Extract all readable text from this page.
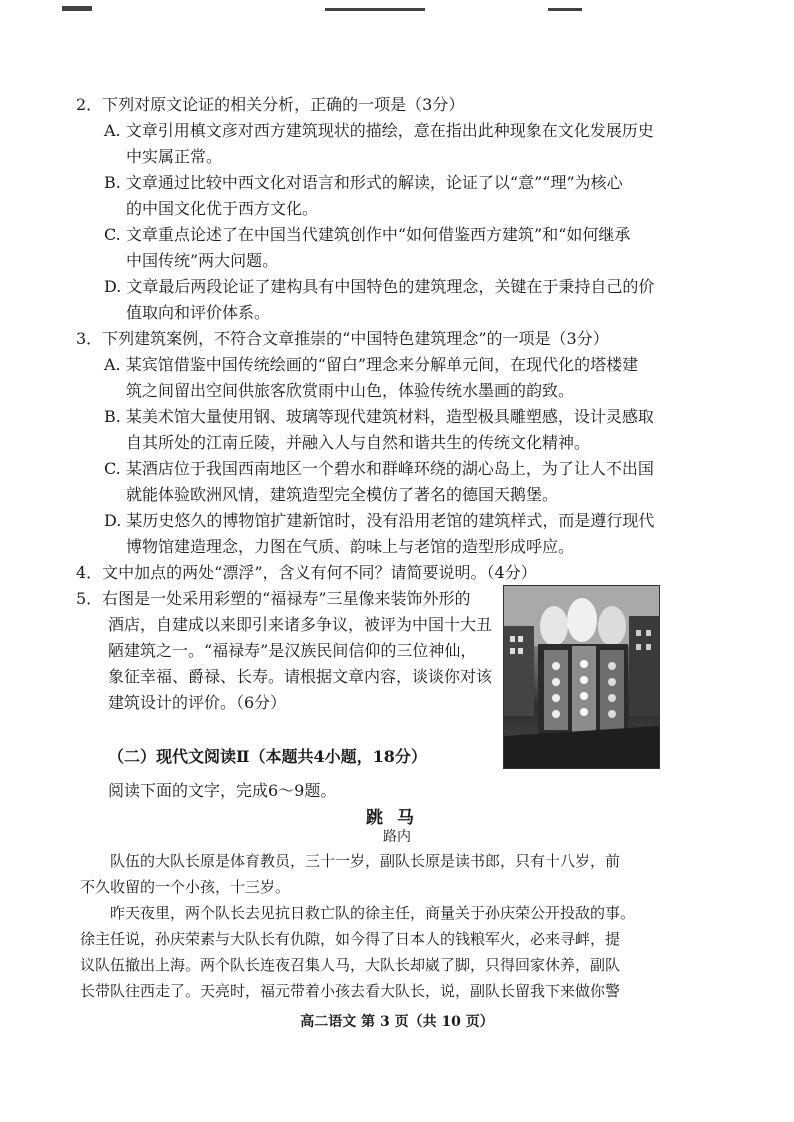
2．下列对原文论证的相关分析，正确的一项是（3分）
A. 文章引用槙文彦对西方建筑现状的描绘，意在指出此种现象在文化发展历史
中实属正常。
B. 文章通过比较中西文化对语言和形式的解读，论证了以“意”“理”为核心
的中国文化优于西方文化。
C. 文章重点论述了在中国当代建筑创作中“如何借鉴西方建筑”和“如何继承
中国传统”两大问题。
D. 文章最后两段论证了建构具有中国特色的建筑理念，关键在于秉持自己的价
值取向和评价体系。
3．下列建筑案例，不符合文章推崇的“中国特色建筑理念”的一项是（3分）
A. 某宾馆借鉴中国传统绘画的“留白”理念来分解单元间，在现代化的塔楼建
筑之间留出空间供旅客欣赏雨中山色，体验传统水墨画的韵致。
B. 某美术馆大量使用钢、玻璃等现代建筑材料，造型极具雕塑感，设计灵感取
自其所处的江南丘陵，并融入人与自然和谐共生的传统文化精神。
C. 某酒店位于我国西南地区一个碧水和群峰环绕的湖心岛上，为了让人不出国
就能体验欧洲风情，建筑造型完全模仿了著名的德国天鹅堡。
D. 某历史悠久的博物馆扩建新馆时，没有沿用老馆的建筑样式，而是遵行现代
博物馆建造理念，力图在气质、韵味上与老馆的造型形成呼应。
4．文中加点的两处“漂浮”，含义有何不同？请简要说明。（4分）
5．右图是一处采用彩塑的“福禄寿”三星像来装饰外形的
酒店，自建成以来即引来诸多争议，被评为中国十大丑
陋建筑之一。“福禄寿”是汉族民间信仰的三位神仙，
象征幸福、爵禄、长寿。请根据文章内容，谈谈你对该
建筑设计的评价。（6分）
（二）现代文阅读Ⅱ（本题共4小题，18分）
阅读下面的文字，完成6～9题。
跳马
路内
队伍的大队长原是体育教员，三十一岁，副队长原是读书郎，只有十八岁，前
不久收留的一个小孩，十三岁。
昨天夜里，两个队长去见抗日救亡队的徐主任，商量关于孙庆荣公开投敌的事。
徐主任说，孙庆荣素与大队长有仇隙，如今得了日本人的钱粮军火，必来寻衅，提
议队伍撤出上海。两个队长连夜召集人马，大队长却崴了脚，只得回家休养，副队
长带队往西走了。天亮时，福元带着小孩去看大队长，说，副队长留我下来做你警
高二语文 第 3 页（共 10 页）
